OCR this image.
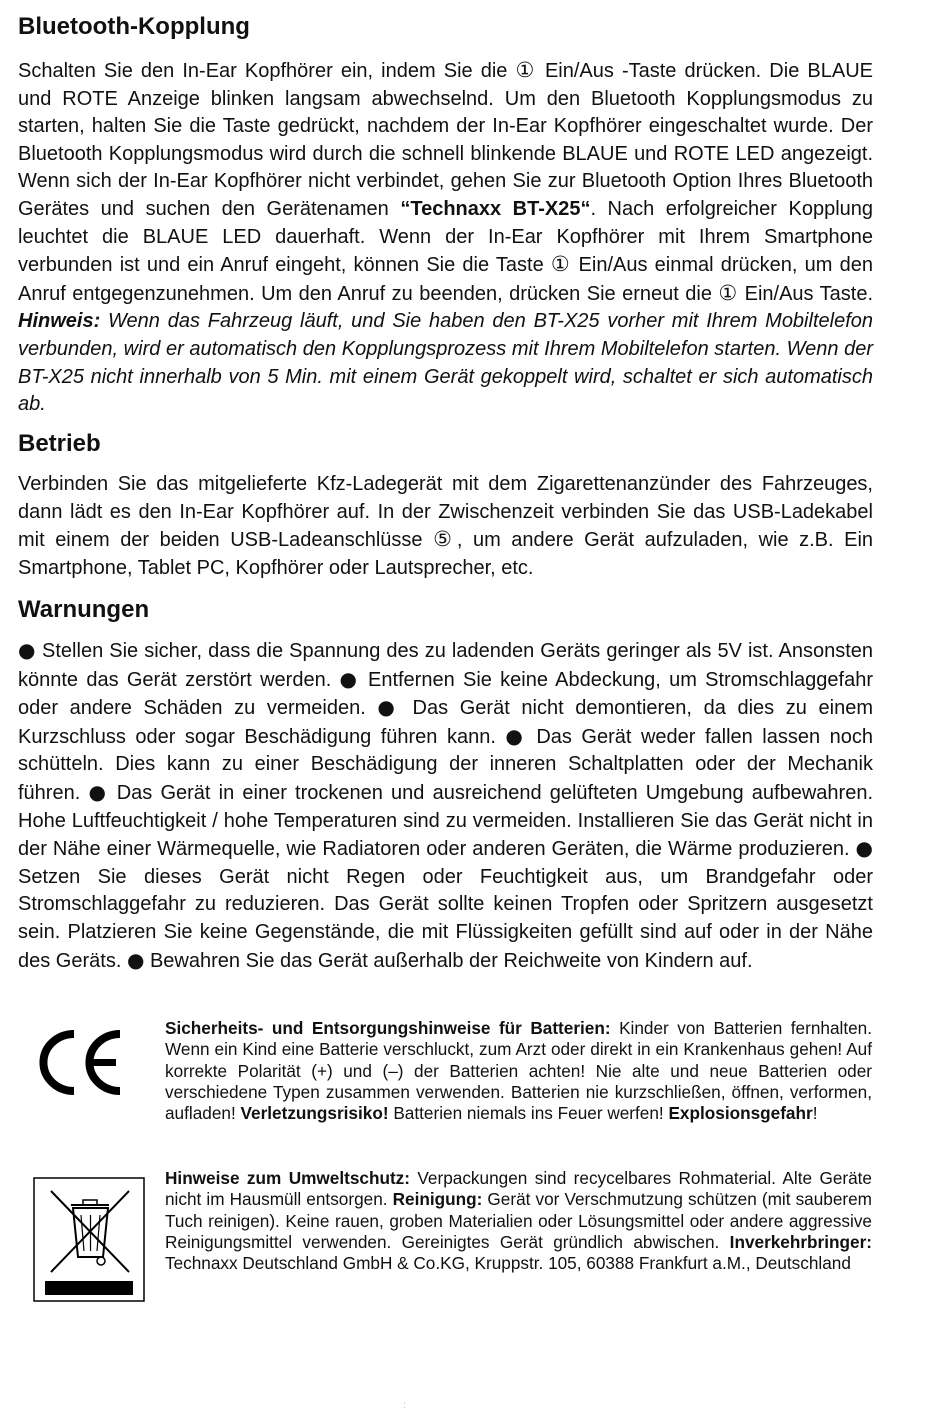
Bluetooth-Kopplung

Schalten Sie den In-Ear Kopfhörer ein, indem Sie die ① Ein/Aus -Taste drücken. Die BLAUE und ROTE Anzeige blinken langsam abwechselnd. Um den Bluetooth Kopplungsmodus zu starten, halten Sie die Taste gedrückt, nachdem der In-Ear Kopfhörer eingeschaltet wurde. Der Bluetooth Kopplungsmodus wird durch die schnell blinkende BLAUE und ROTE LED angezeigt. Wenn sich der In-Ear Kopfhörer nicht verbindet, gehen Sie zur Bluetooth Option Ihres Bluetooth Gerätes und suchen den Gerätenamen “Technaxx BT-X25“. Nach erfolgreicher Kopplung leuchtet die BLAUE LED dauerhaft. Wenn der In-Ear Kopfhörer mit Ihrem Smartphone verbunden ist und ein Anruf eingeht, können Sie die Taste ① Ein/Aus einmal drücken, um den Anruf entgegenzunehmen. Um den Anruf zu beenden, drücken Sie erneut die ① Ein/Aus Taste. Hinweis: Wenn das Fahrzeug läuft, und Sie haben den BT-X25 vorher mit Ihrem Mobiltelefon verbunden, wird er automatisch den Kopplungsprozess mit Ihrem Mobiltelefon starten. Wenn der BT-X25 nicht innerhalb von 5 Min. mit einem Gerät gekoppelt wird, schaltet er sich automatisch ab.

Betrieb

Verbinden Sie das mitgelieferte Kfz-Ladegerät mit dem Zigarettenanzünder des Fahrzeuges, dann lädt es den In-Ear Kopfhörer auf. In der Zwischenzeit verbinden Sie das USB-Ladekabel mit einem der beiden USB-Ladeanschlüsse ⑤, um andere Gerät aufzuladen, wie z.B. Ein Smartphone, Tablet PC, Kopfhörer oder Lautsprecher, etc.

Warnungen

● Stellen Sie sicher, dass die Spannung des zu ladenden Geräts geringer als 5V ist. Ansonsten könnte das Gerät zerstört werden. ● Entfernen Sie keine Abdeckung, um Stromschlaggefahr oder andere Schäden zu vermeiden. ● Das Gerät nicht demontieren, da dies zu einem Kurzschluss oder sogar Beschädigung führen kann. ● Das Gerät weder fallen lassen noch schütteln. Dies kann zu einer Beschädigung der inneren Schaltplatten oder der Mechanik führen. ● Das Gerät in einer trockenen und ausreichend gelüfteten Umgebung aufbewahren. Hohe Luftfeuchtigkeit / hohe Temperaturen sind zu vermeiden. Installieren Sie das Gerät nicht in der Nähe einer Wärmequelle, wie Radiatoren oder anderen Geräten, die Wärme produzieren. ● Setzen Sie dieses Gerät nicht Regen oder Feuchtigkeit aus, um Brandgefahr oder Stromschlaggefahr zu reduzieren. Das Gerät sollte keinen Tropfen oder Spritzern ausgesetzt sein. Platzieren Sie keine Gegenstände, die mit Flüssigkeiten gefüllt sind auf oder in der Nähe des Geräts. ● Bewahren Sie das Gerät außerhalb der Reichweite von Kindern auf.

Sicherheits- und Entsorgungshinweise für Batterien: Kinder von Batterien fernhalten. Wenn ein Kind eine Batterie verschluckt, zum Arzt oder direkt in ein Krankenhaus gehen! Auf korrekte Polarität (+) und (–) der Batterien achten! Nie alte und neue Batterien oder verschiedene Typen zusammen verwenden. Batterien nie kurzschließen, öffnen, verformen, aufladen! Verletzungsrisiko! Batterien niemals ins Feuer werfen! Explosionsgefahr!
Hinweise zum Umweltschutz: Verpackungen sind recycelbares Rohmaterial. Alte Geräte nicht im Hausmüll entsorgen. Reinigung: Gerät vor Verschmutzung schützen (mit sauberem Tuch reinigen). Keine rauen, groben Materialien oder Lösungsmittel oder andere aggressive Reinigungsmittel verwenden. Gereinigtes Gerät gründlich abwischen. Inverkehrbringer: Technaxx Deutschland GmbH & Co.KG, Kruppstr. 105, 60388 Frankfurt a.M., Deutschland
:
